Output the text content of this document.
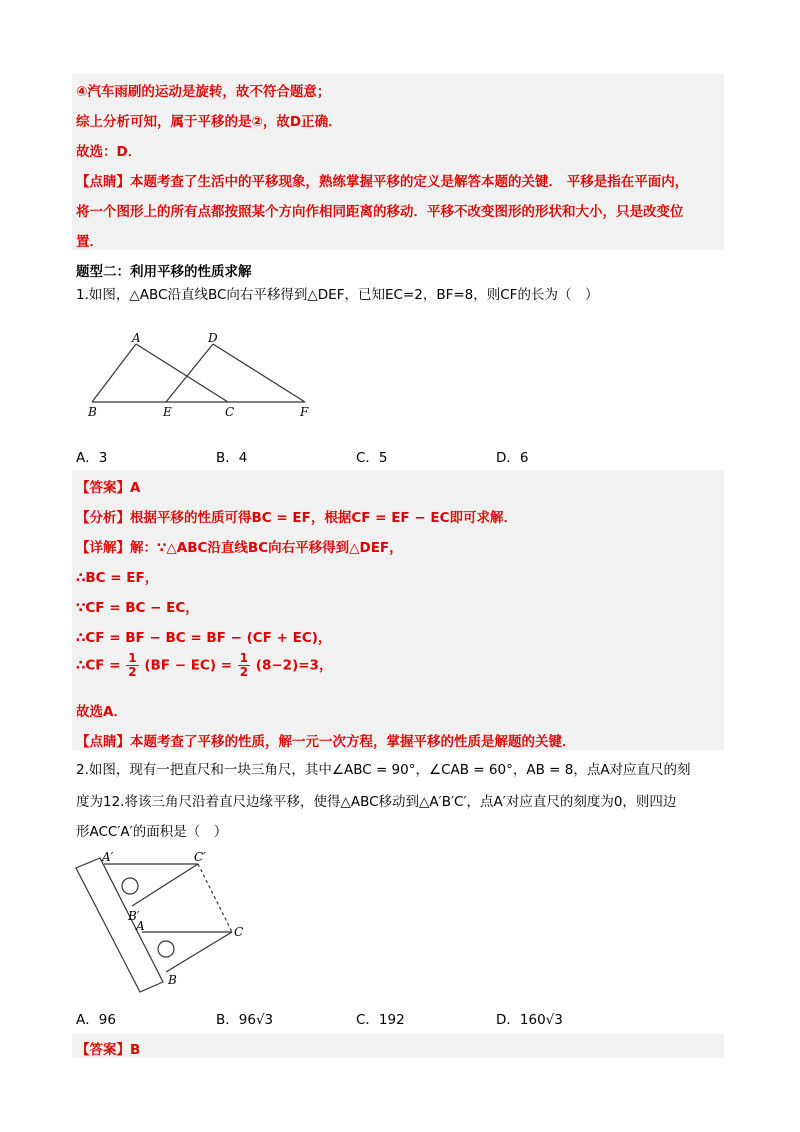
④汽车雨刷的运动是旋转，故不符合题意；
综上分析可知，属于平移的是②，故D正确．
故选：D．
【点睛】本题考查了生活中的平移现象，熟练掌握平移的定义是解答本题的关键． 平移是指在平面内，
将一个图形上的所有点都按照某个方向作相同距离的移动．平移不改变图形的形状和大小，只是改变位
置．
题型二：利用平移的性质求解
1.如图，△ABC沿直线BC向右平移得到△DEF，已知EC=2，BF=8，则CF的长为（　）
A	D
B	E	C	F
A．3	B．4	C．5	D．6
【答案】A
【分析】根据平移的性质可得BC = EF，根据CF = EF − EC即可求解．
【详解】解：∵△ABC沿直线BC向右平移得到△DEF，
∴BC = EF，
∵CF = BC − EC，
∴CF = BF − BC = BF − (CF + EC)，
∴CF = $\frac{1}{2} (BF - EC) = \frac{1}{2} (8-2)=3$，
故选A．
【点睛】本题考查了平移的性质，解一元一次方程，掌握平移的性质是解题的关键．
2.如图，现有一把直尺和一块三角尺，其中∠ABC = 90°，∠CAB = 60°，AB = 8，点A对应直尺的刻
度为12.将该三角尺沿着直尺边缘平移，使得△ABC移动到△A′B′C′，点A′对应直尺的刻度为0，则四边
形ACC′A′的面积是（　）
A′	C′
B′
A	C
B
A．96	B．96√3	C．192	D．160√3
【答案】B
